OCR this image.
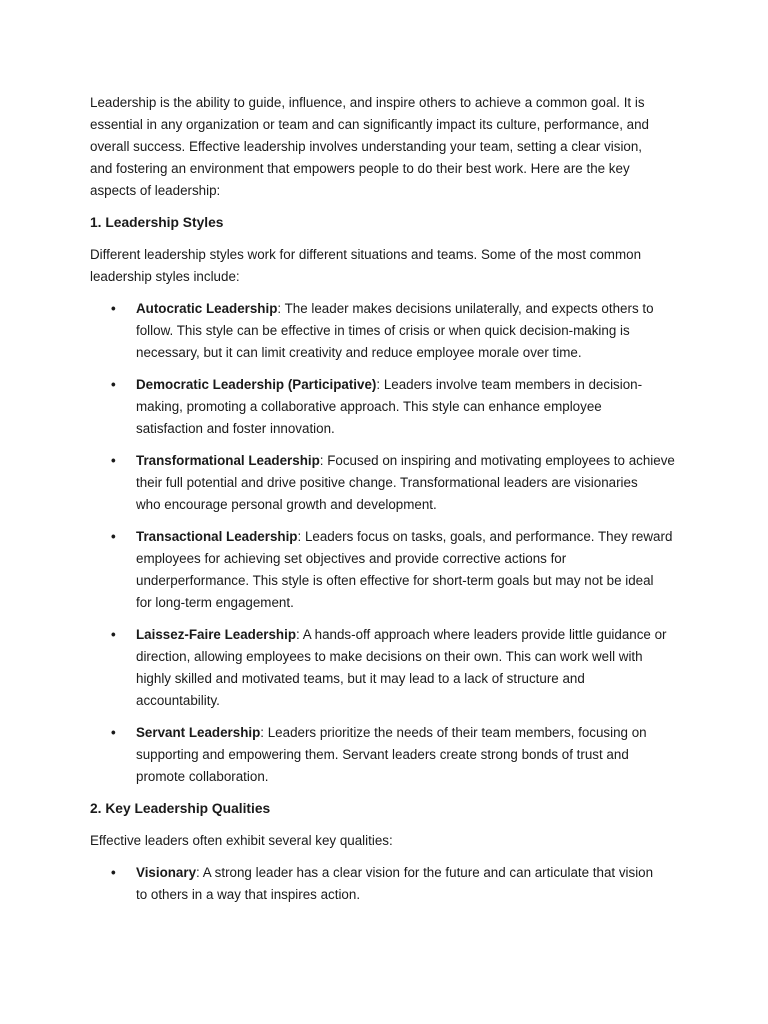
Leadership is the ability to guide, influence, and inspire others to achieve a common goal. It is
essential in any organization or team and can significantly impact its culture, performance, and
overall success. Effective leadership involves understanding your team, setting a clear vision,
and fostering an environment that empowers people to do their best work. Here are the key
aspects of leadership:

1. Leadership Styles

Different leadership styles work for different situations and teams. Some of the most common
leadership styles include:

• Autocratic Leadership: The leader makes decisions unilaterally, and expects others to
follow. This style can be effective in times of crisis or when quick decision-making is
necessary, but it can limit creativity and reduce employee morale over time.
• Democratic Leadership (Participative): Leaders involve team members in decision-
making, promoting a collaborative approach. This style can enhance employee
satisfaction and foster innovation.
• Transformational Leadership: Focused on inspiring and motivating employees to achieve
their full potential and drive positive change. Transformational leaders are visionaries
who encourage personal growth and development.
• Transactional Leadership: Leaders focus on tasks, goals, and performance. They reward
employees for achieving set objectives and provide corrective actions for
underperformance. This style is often effective for short-term goals but may not be ideal
for long-term engagement.
• Laissez-Faire Leadership: A hands-off approach where leaders provide little guidance or
direction, allowing employees to make decisions on their own. This can work well with
highly skilled and motivated teams, but it may lead to a lack of structure and
accountability.
• Servant Leadership: Leaders prioritize the needs of their team members, focusing on
supporting and empowering them. Servant leaders create strong bonds of trust and
promote collaboration.

2. Key Leadership Qualities

Effective leaders often exhibit several key qualities:

• Visionary: A strong leader has a clear vision for the future and can articulate that vision
to others in a way that inspires action.
